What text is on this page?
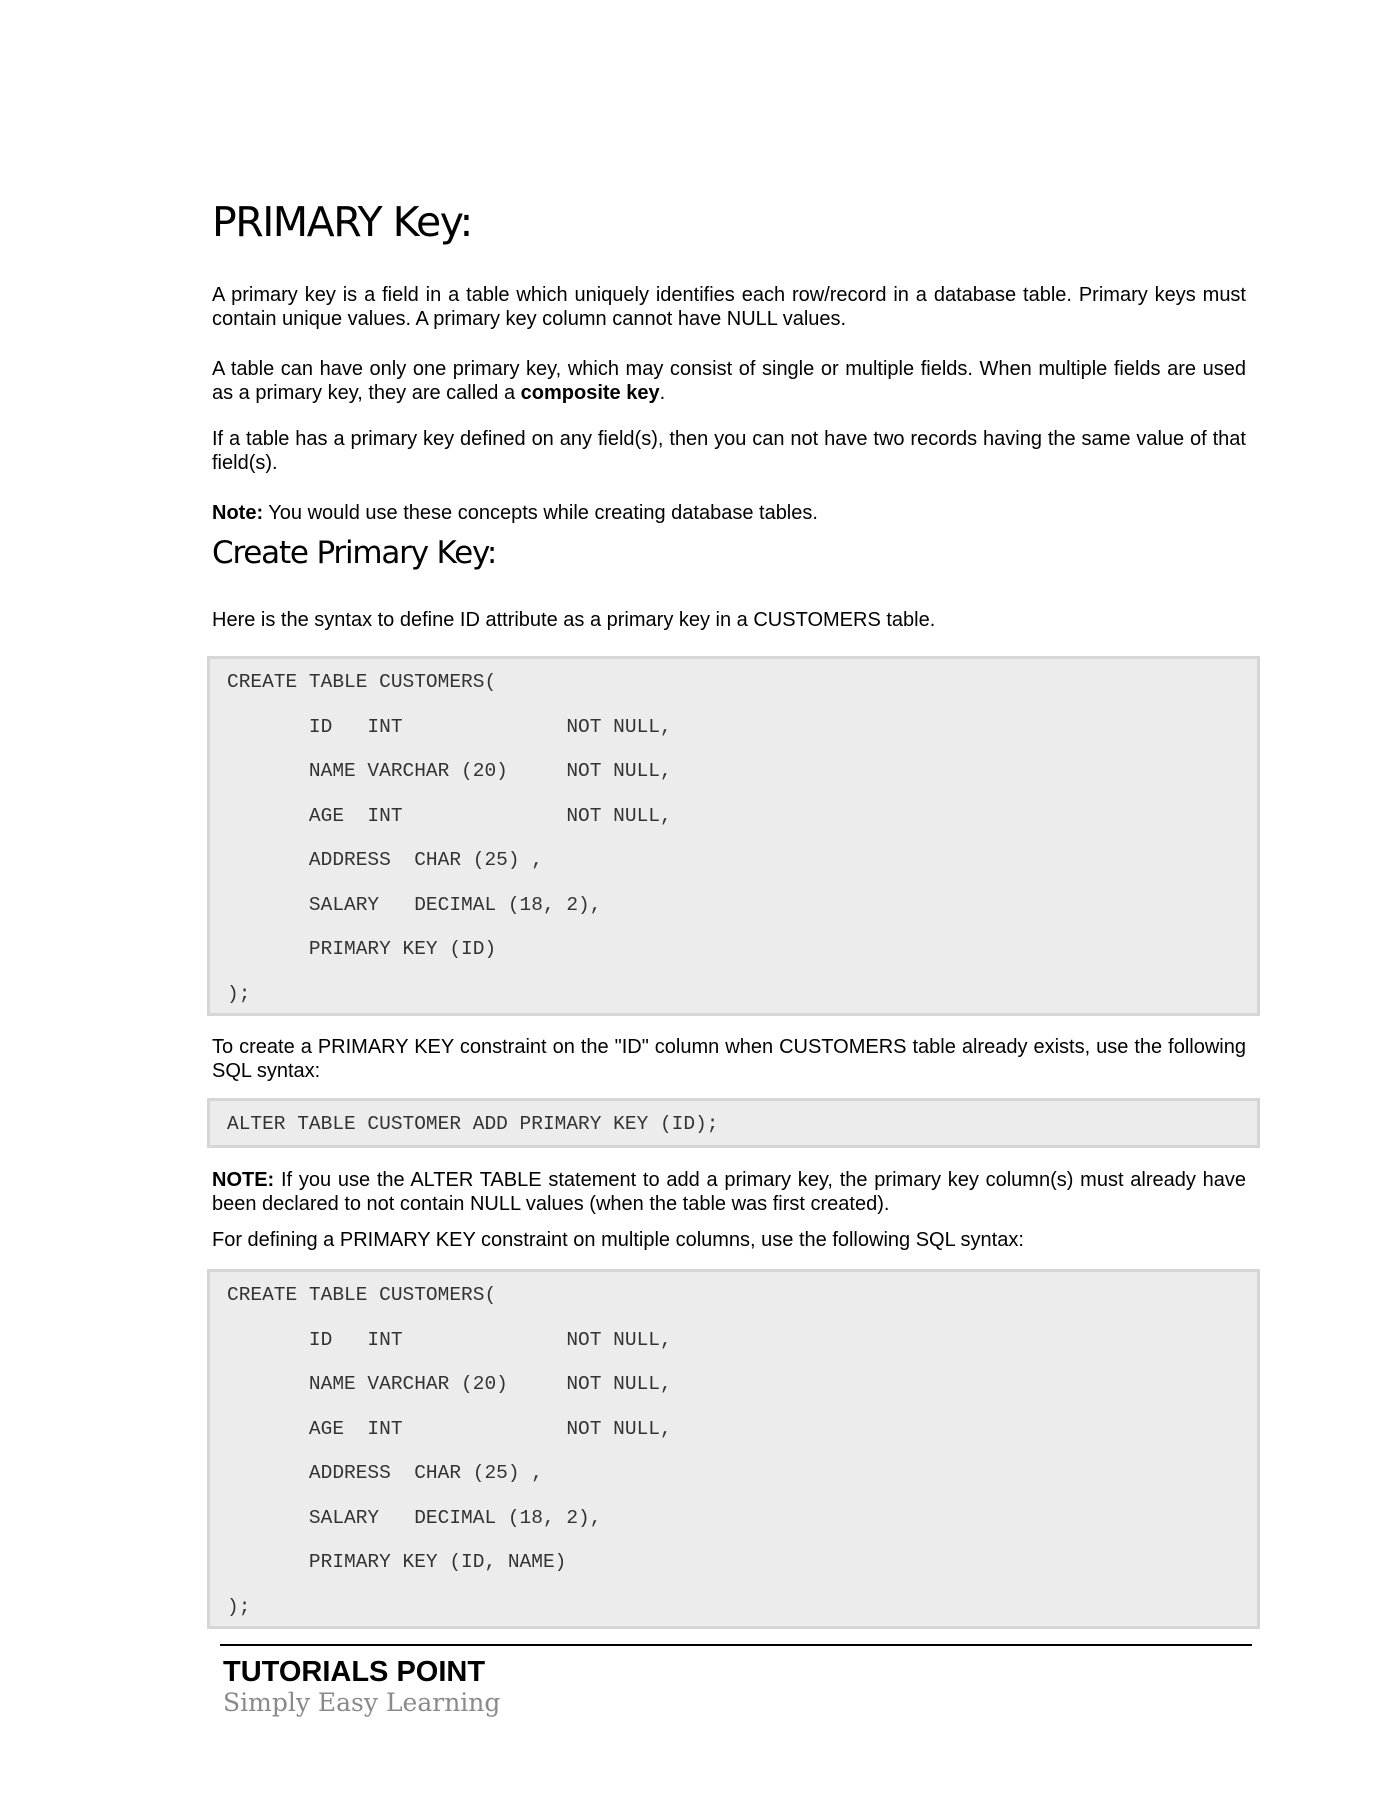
PRIMARY Key:

A primary key is a field in a table which uniquely identifies each row/record in a database table. Primary keys must contain unique values. A primary key column cannot have NULL values.

A table can have only one primary key, which may consist of single or multiple fields. When multiple fields are used as a primary key, they are called a composite key.

If a table has a primary key defined on any field(s), then you can not have two records having the same value of that field(s).

Note: You would use these concepts while creating database tables.

Create Primary Key:

Here is the syntax to define ID attribute as a primary key in a CUSTOMERS table.

CREATE TABLE CUSTOMERS(
ID   INT              NOT NULL,
NAME VARCHAR (20)     NOT NULL,
AGE  INT              NOT NULL,
ADDRESS  CHAR (25) ,
SALARY   DECIMAL (18, 2),
PRIMARY KEY (ID)
);

To create a PRIMARY KEY constraint on the "ID" column when CUSTOMERS table already exists, use the following SQL syntax:

ALTER TABLE CUSTOMER ADD PRIMARY KEY (ID);

NOTE: If you use the ALTER TABLE statement to add a primary key, the primary key column(s) must already have been declared to not contain NULL values (when the table was first created).

For defining a PRIMARY KEY constraint on multiple columns, use the following SQL syntax:

CREATE TABLE CUSTOMERS(
ID   INT              NOT NULL,
NAME VARCHAR (20)     NOT NULL,
AGE  INT              NOT NULL,
ADDRESS  CHAR (25) ,
SALARY   DECIMAL (18, 2),
PRIMARY KEY (ID, NAME)
);
TUTORIALS POINT
Simply Easy Learning
